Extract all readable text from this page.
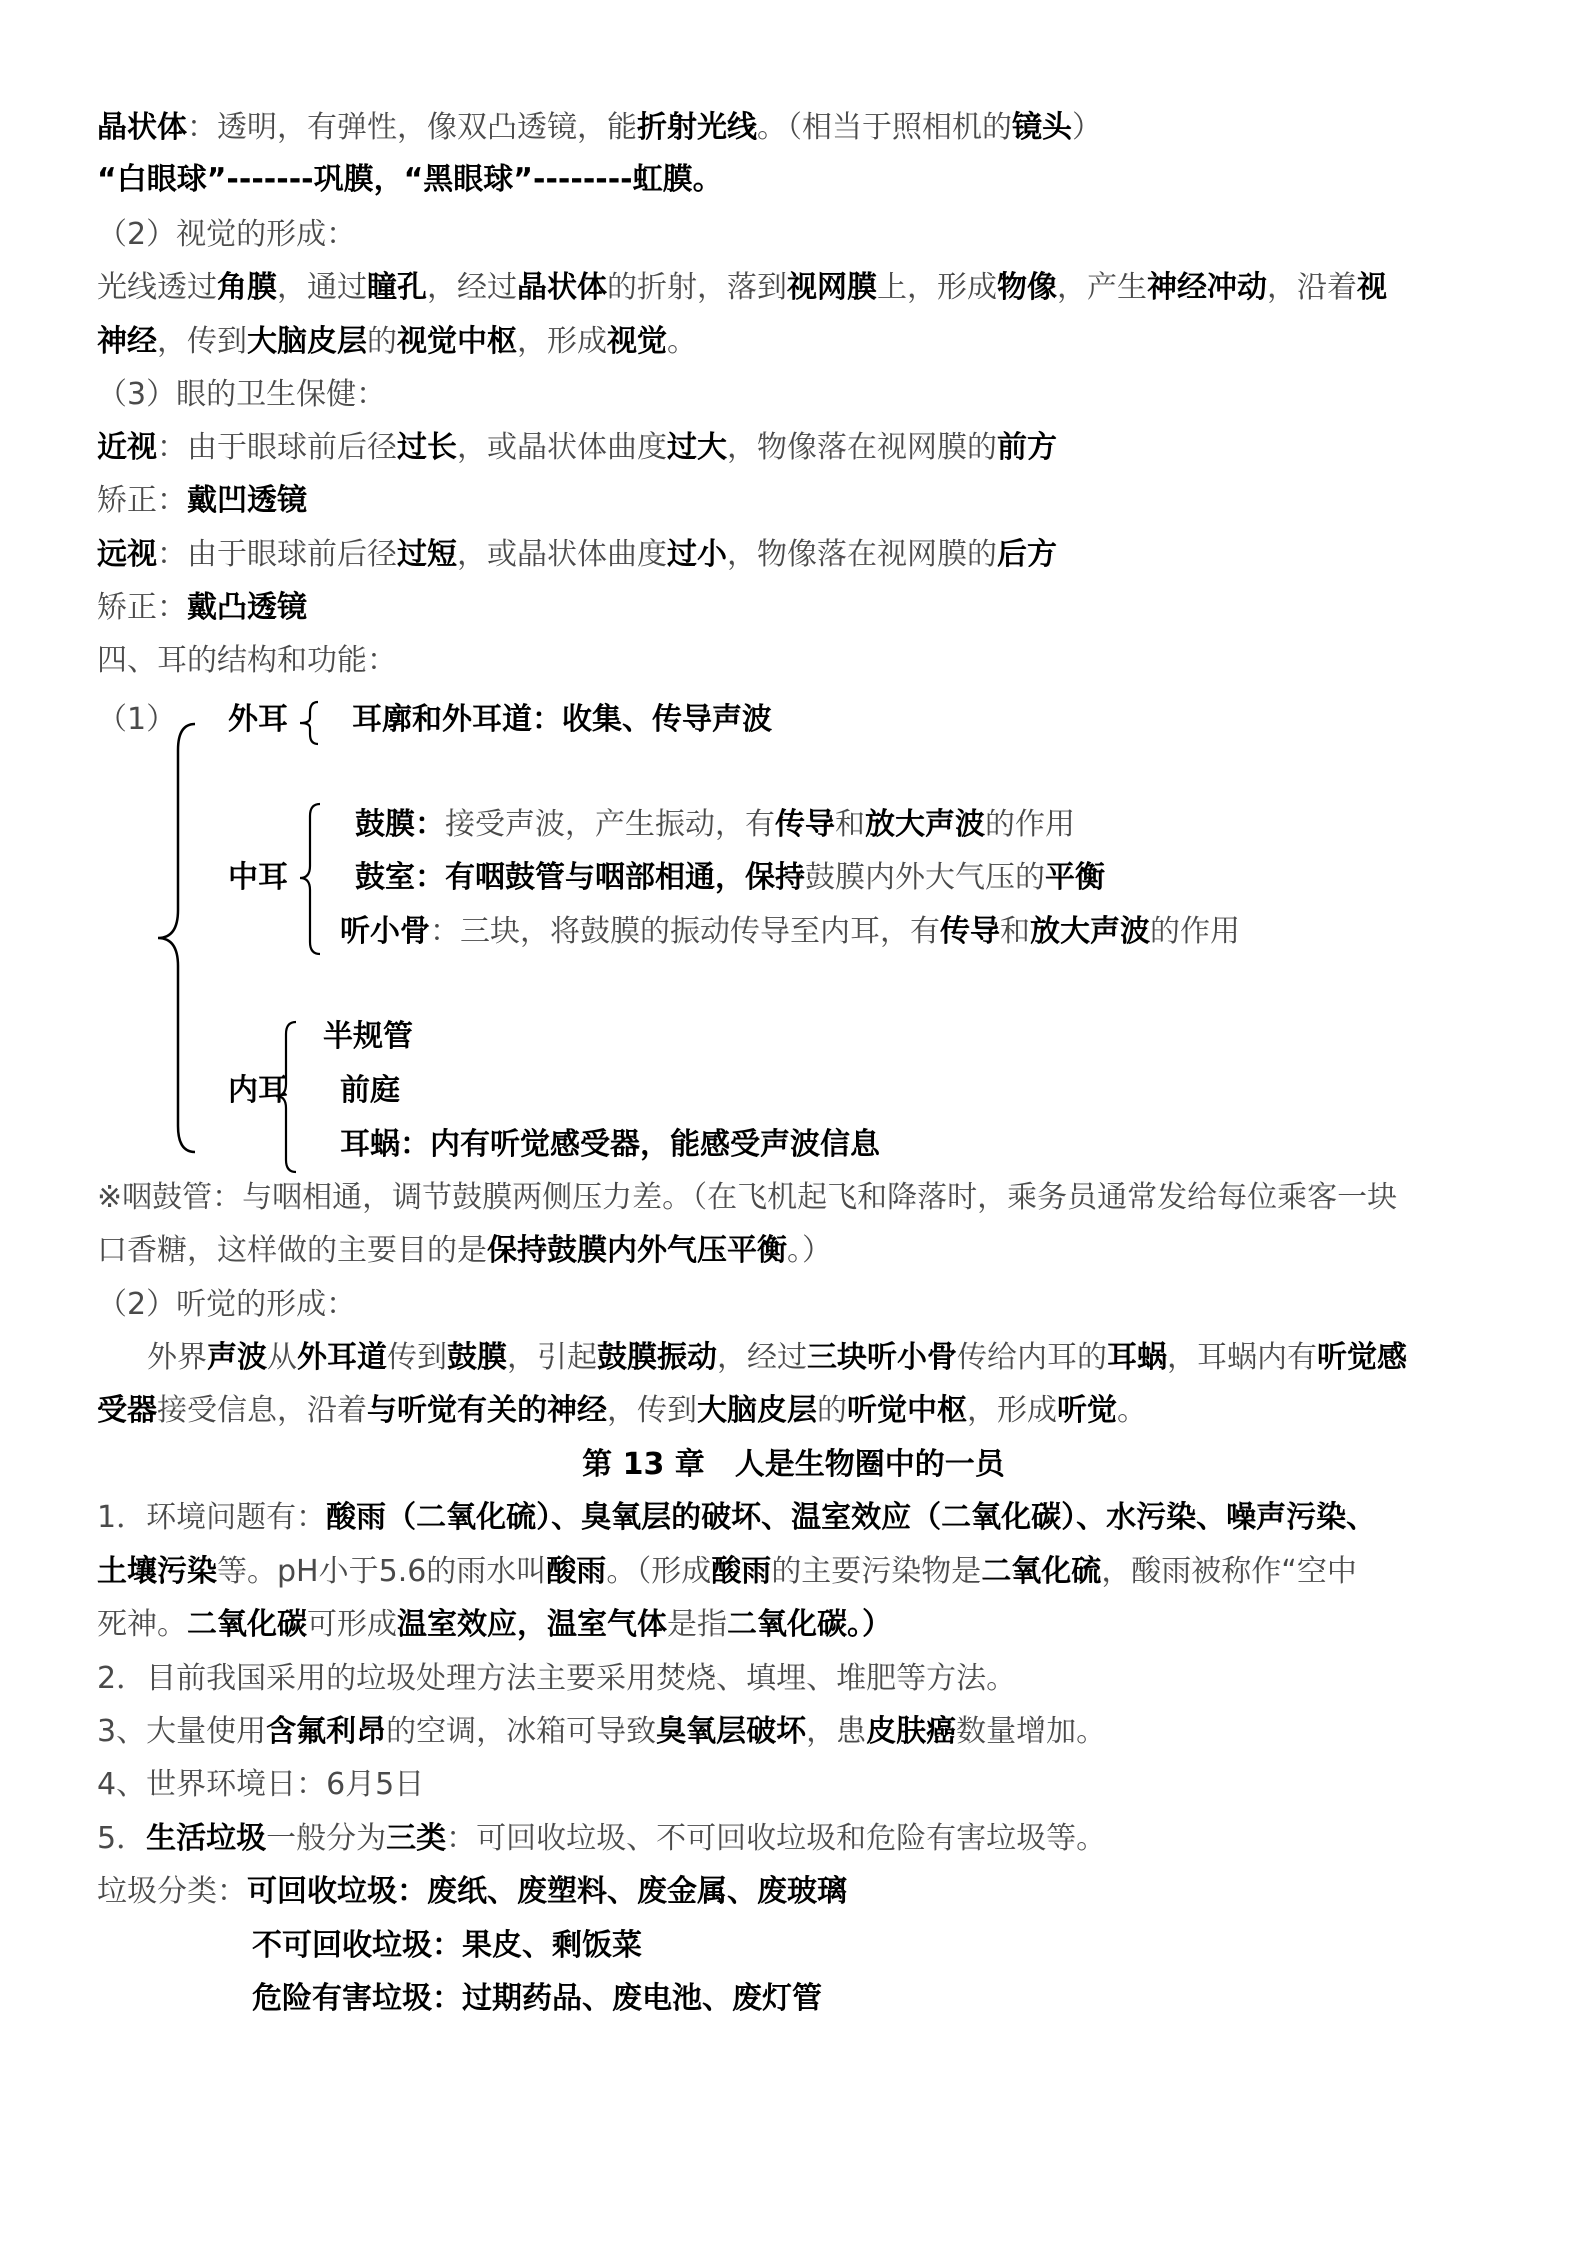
晶状体：透明，有弹性，像双凸透镜，能折射光线。（相当于照相机的镜头）
“白眼球”-------巩膜，“黑眼球”--------虹膜。
（2）视觉的形成：
光线透过角膜，通过瞳孔，经过晶状体的折射，落到视网膜上，形成物像，产生神经冲动，沿着视
神经，传到大脑皮层的视觉中枢，形成视觉。
（3）眼的卫生保健：
近视：由于眼球前后径过长，或晶状体曲度过大，物像落在视网膜的前方
矫正：戴凹透镜
远视：由于眼球前后径过短，或晶状体曲度过小，物像落在视网膜的后方
矫正：戴凸透镜
四、耳的结构和功能：
（1） 外耳 耳廓和外耳道：收集、传导声波
中耳
鼓膜：接受声波，产生振动，有传导和放大声波的作用
鼓室：有咽鼓管与咽部相通，保持鼓膜内外大气压的平衡
听小骨：三块，将鼓膜的振动传导至内耳，有传导和放大声波的作用
内耳
半规管
前庭
耳蜗：内有听觉感受器，能感受声波信息
※咽鼓管：与咽相通，调节鼓膜两侧压力差。（在飞机起飞和降落时，乘务员通常发给每位乘客一块
口香糖，这样做的主要目的是保持鼓膜内外气压平衡。）
（2）听觉的形成：
外界声波从外耳道传到鼓膜，引起鼓膜振动，经过三块听小骨传给内耳的耳蜗，耳蜗内有听觉感
受器接受信息，沿着与听觉有关的神经，传到大脑皮层的听觉中枢，形成听觉。
第 13 章　人是生物圈中的一员
1．环境问题有：酸雨（二氧化硫）、臭氧层的破坏、温室效应（二氧化碳）、水污染、噪声污染、
土壤污染等。pH小于5.6的雨水叫酸雨。（形成酸雨的主要污染物是二氧化硫，酸雨被称作“空中
死神。二氧化碳可形成温室效应，温室气体是指二氧化碳。）
2．目前我国采用的垃圾处理方法主要采用焚烧、填埋、堆肥等方法。
3、大量使用含氟利昂的空调，冰箱可导致臭氧层破坏，患皮肤癌数量增加。
4、世界环境日：6月5日
5．生活垃圾一般分为三类：可回收垃圾、不可回收垃圾和危险有害垃圾等。
垃圾分类：可回收垃圾：废纸、废塑料、废金属、废玻璃
不可回收垃圾：果皮、剩饭菜
危险有害垃圾：过期药品、废电池、废灯管
